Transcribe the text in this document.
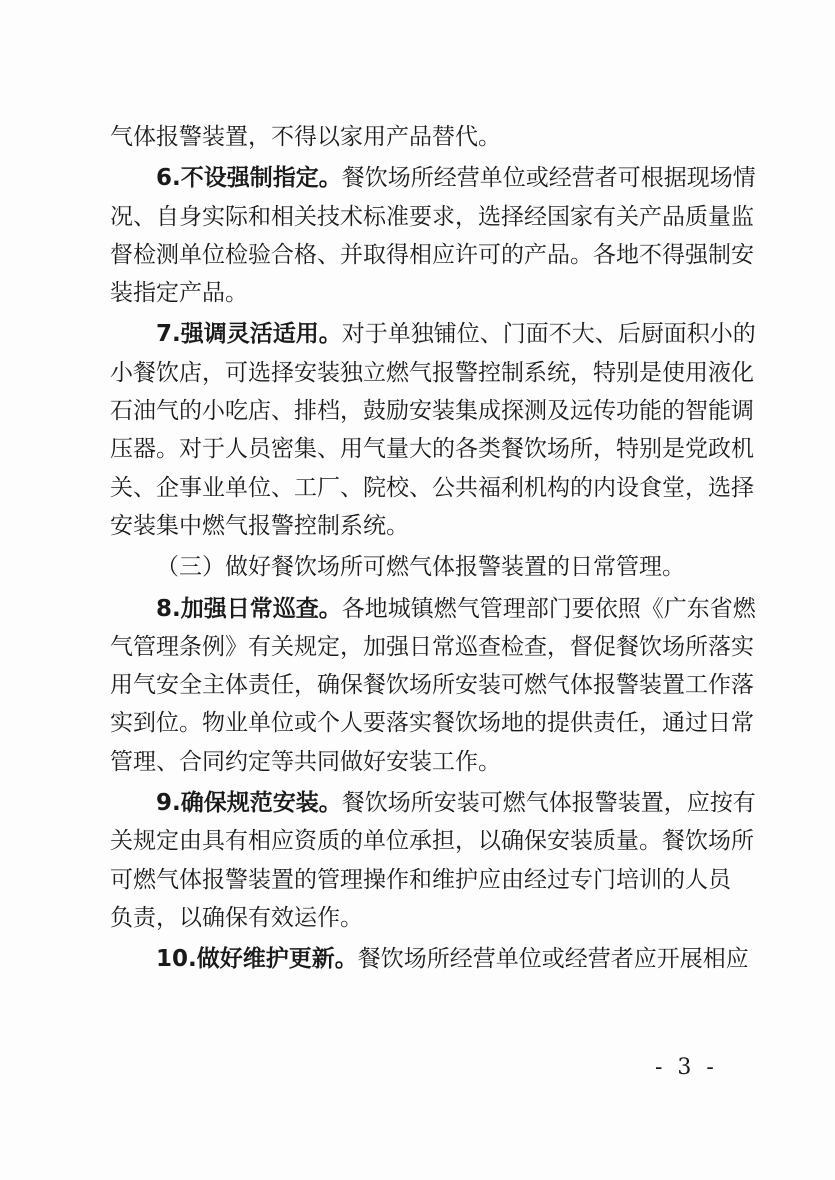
气体报警装置，不得以家用产品替代。
6.不设强制指定。餐饮场所经营单位或经营者可根据现场情
况、自身实际和相关技术标准要求，选择经国家有关产品质量监
督检测单位检验合格、并取得相应许可的产品。各地不得强制安
装指定产品。
7.强调灵活适用。对于单独铺位、门面不大、后厨面积小的
小餐饮店，可选择安装独立燃气报警控制系统，特别是使用液化
石油气的小吃店、排档，鼓励安装集成探测及远传功能的智能调
压器。对于人员密集、用气量大的各类餐饮场所，特别是党政机
关、企事业单位、工厂、院校、公共福利机构的内设食堂，选择
安装集中燃气报警控制系统。
（三）做好餐饮场所可燃气体报警装置的日常管理。
8.加强日常巡查。各地城镇燃气管理部门要依照《广东省燃
气管理条例》有关规定，加强日常巡查检查，督促餐饮场所落实
用气安全主体责任，确保餐饮场所安装可燃气体报警装置工作落
实到位。物业单位或个人要落实餐饮场地的提供责任，通过日常
管理、合同约定等共同做好安装工作。
9.确保规范安装。餐饮场所安装可燃气体报警装置，应按有
关规定由具有相应资质的单位承担，以确保安装质量。餐饮场所
可燃气体报警装置的管理操作和维护应由经过专门培训的人员
负责，以确保有效运作。
10.做好维护更新。餐饮场所经营单位或经营者应开展相应
- 3 -
